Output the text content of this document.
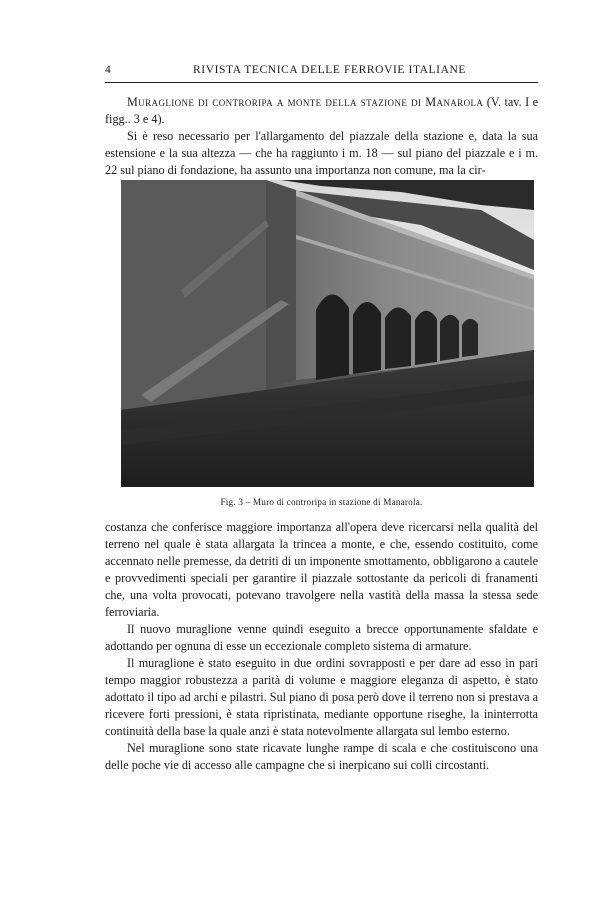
4	RIVISTA TECNICA DELLE FERROVIE ITALIANE

Muraglione di controripa a monte della stazione di Manarola (V. tav. I e figg.. 3 e 4).

Si è reso necessario per l'allargamento del piazzale della stazione e, data la sua estensione e la sua altezza — che ha raggiunto i m. 18 — sul piano del piazzale e i m. 22 sul piano di fondazione, ha assunto una importanza non comune, ma la cir-

Fig. 3 – Muro di controripa in stazione di Manarola.

costanza che conferisce maggiore importanza all'opera deve ricercarsi nella qualità del terreno nel quale è stata allargata la trincea a monte, e che, essendo costituito, come accennato nelle premesse, da detriti di un imponente smottamento, obbligarono a cautele e provvedimenti speciali per garantire il piazzale sottostante da pericoli di franamenti che, una volta provocati, potevano travolgere nella vastità della massa la stessa sede ferroviaria.

Il nuovo muraglione venne quindi eseguito a brecce opportunamente sfaldate e adottando per ognuna di esse un eccezionale completo sistema di armature.

Il muraglione è stato eseguito in due ordini sovrapposti e per dare ad esso in pari tempo maggior robustezza a parità di volume e maggiore eleganza di aspetto, è stato adottato il tipo ad archi e pilastri. Sul piano di posa però dove il terreno non si prestava a ricevere forti pressioni, è stata ripristinata, mediante opportune riseghe, la ininterrotta continuità della base la quale anzi è stata notevolmente allargata sul lembo esterno.

Nel muraglione sono state ricavate lunghe rampe di scala e che costituiscono una delle poche vie di accesso alle campagne che si inerpicano sui colli circostanti.
